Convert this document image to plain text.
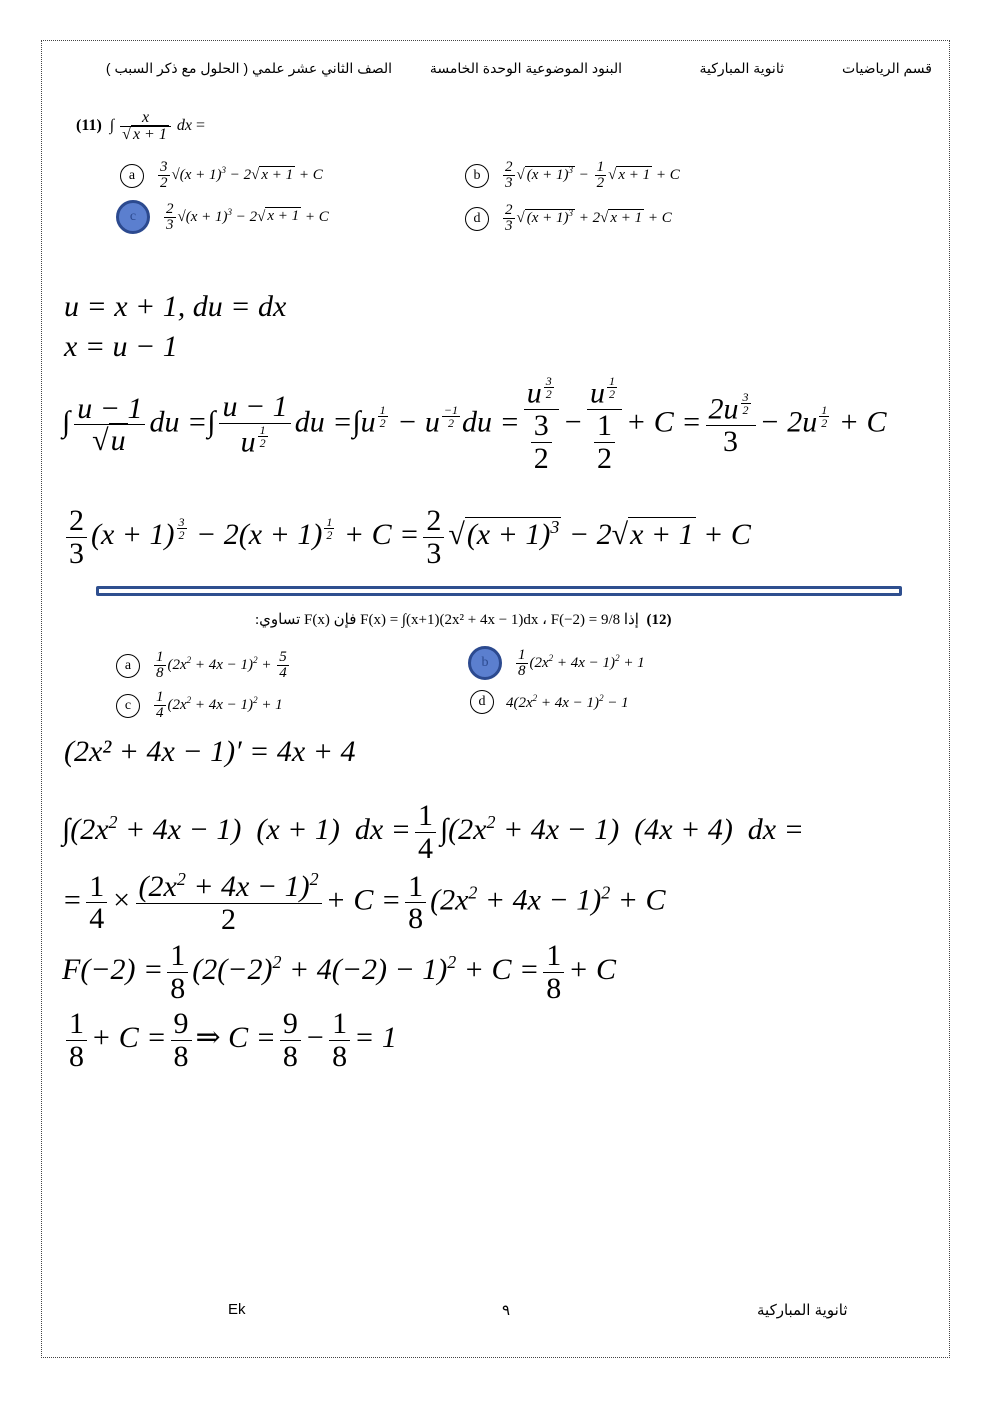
قسم الرياضيات
ثانوية المباركية
البنود الموضوعية الوحدة الخامسة
الصف الثاني عشر علمي ( الحلول مع ذكر السبب )
(11)  ∫ $\frac{x}{√ x + 1}$ dx =
a	$\frac{3}{2} √(x + 1)^3 - 2√$ x + 1 + C	b	$\frac{2}{3}$ √ $(x + 1)^3 - \frac{1}{2}$ √ x + 1 + C
c	$\frac{2}{3} √(x + 1)^3 - 2√$ x + 1 + C	d	$\frac{2}{3}$ √ $(x + 1)^3 + 2√$ x + 1 + C
u = x + 1, du = dx
x = u − 1
∫ $\frac{u - 1}{√u}$ du =∫ u − 1
u $^{\frac{1}{2}}$ du =∫u $^{\frac{1}{2}}$ − u $^{\frac{-1}{2}}$ du = u $^{\frac{3}{2}}$
$\frac{3}{2} - u$ $^{\frac{1}{2}}$
$\frac{1}{2} + C = 2u$ $^{\frac{3}{2}}$
3 − 2u $^{\frac{1}{2}}$ + C
$\frac{2}{3} (x + 1) ^{\frac{3}{2}} - 2(x + 1) ^{\frac{1}{2}} + C = \frac{2}{3} √(x + 1)^3 - 2√x + 1 + C$
(12)  إذا F(x) = ∫(x+1)(2x² + 4x − 1)dx ، F(−2) = 9/8 فإن F(x) تساوي:
a	$\frac{1}{8} (2x^2 + 4x - 1)^2 + \frac{5}{4}$	b	$\frac{1}{8} (2x^2 + 4x - 1)^2 + 1$
c	$\frac{1}{4} (2x^2 + 4x - 1)^2 + 1$	d	$4(2x^2 + 4x - 1)^2 - 1$
(2x² + 4x − 1)′ = 4x + 4
$\int(2x^2 + 4x - 1) (x + 1)$  dx = $\frac{1}{4} \int(2x^2 + 4x - 1) (4x + 4)$  dx =
= $\frac{1}{4} \times \frac{(2x^2 + 4x - 1)^2}{2} + C = \frac{1}{8} (2x^2 + 4x - 1)^2 + C$
$F(-2) = \frac{1}{8} (2(-2)^2 + 4(-2) - 1)^2 + C = \frac{1}{8} + C$
$\frac{1}{8} + C = \frac{9}{8}$ ⇒ $C = \frac{9}{8} - \frac{1}{8} = 1$
Ek	٩	ثانوية المباركية
